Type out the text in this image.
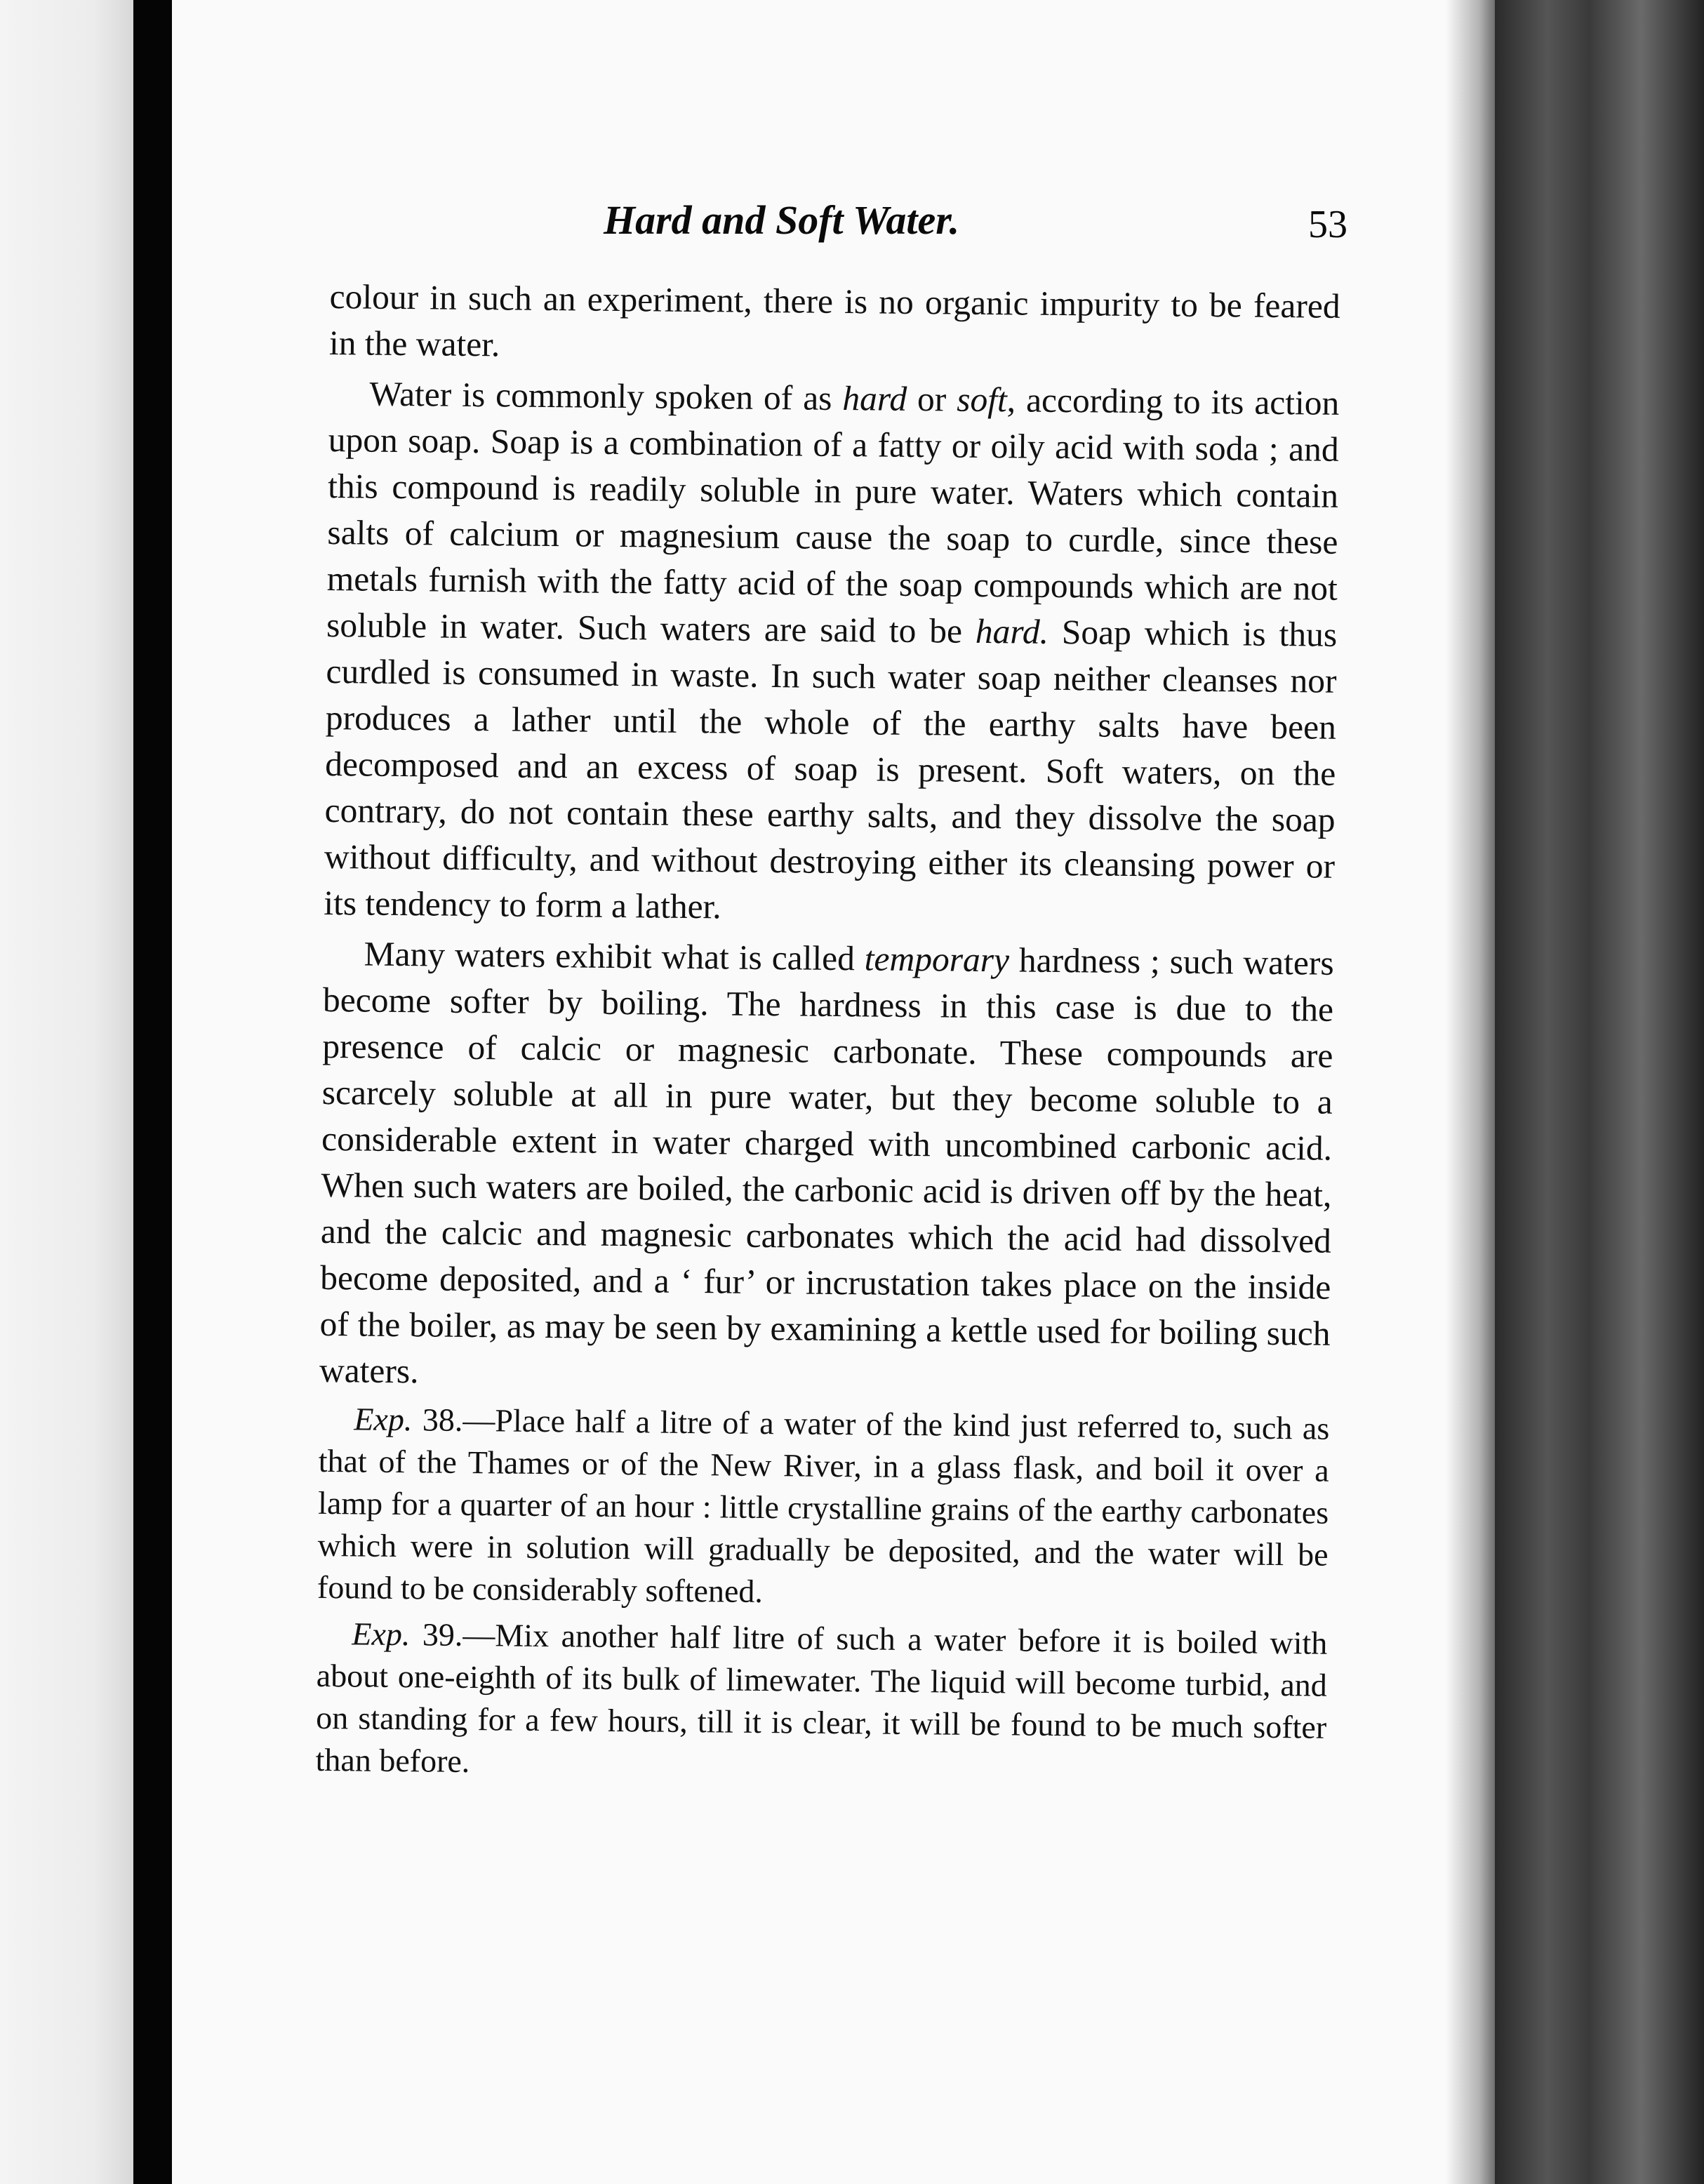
Hard and Soft Water.	53

colour in such an experiment, there is no organic impurity to be feared in the water.

Water is commonly spoken of as hard or soft, according to its action upon soap. Soap is a combination of a fatty or oily acid with soda ; and this compound is readily soluble in pure water. Waters which contain salts of calcium or magnesium cause the soap to curdle, since these metals furnish with the fatty acid of the soap compounds which are not soluble in water. Such waters are said to be hard. Soap which is thus curdled is consumed in waste. In such water soap neither cleanses nor produces a lather until the whole of the earthy salts have been decomposed and an excess of soap is present. Soft waters, on the contrary, do not contain these earthy salts, and they dissolve the soap without difficulty, and without destroying either its cleansing power or its tendency to form a lather.

Many waters exhibit what is called temporary hardness ; such waters become softer by boiling. The hardness in this case is due to the presence of calcic or magnesic carbonate. These compounds are scarcely soluble at all in pure water, but they become soluble to a considerable extent in water charged with uncombined carbonic acid. When such waters are boiled, the carbonic acid is driven off by the heat, and the calcic and magnesic carbonates which the acid had dissolved become deposited, and a ‘ fur’ or incrustation takes place on the inside of the boiler, as may be seen by examining a kettle used for boiling such waters.

Exp. 38.—Place half a litre of a water of the kind just referred to, such as that of the Thames or of the New River, in a glass flask, and boil it over a lamp for a quarter of an hour : little crystalline grains of the earthy carbonates which were in solution will gradually be deposited, and the water will be found to be considerably softened.

Exp. 39.—Mix another half litre of such a water before it is boiled with about one-eighth of its bulk of limewater. The liquid will become turbid, and on standing for a few hours, till it is clear, it will be found to be much softer than before.
